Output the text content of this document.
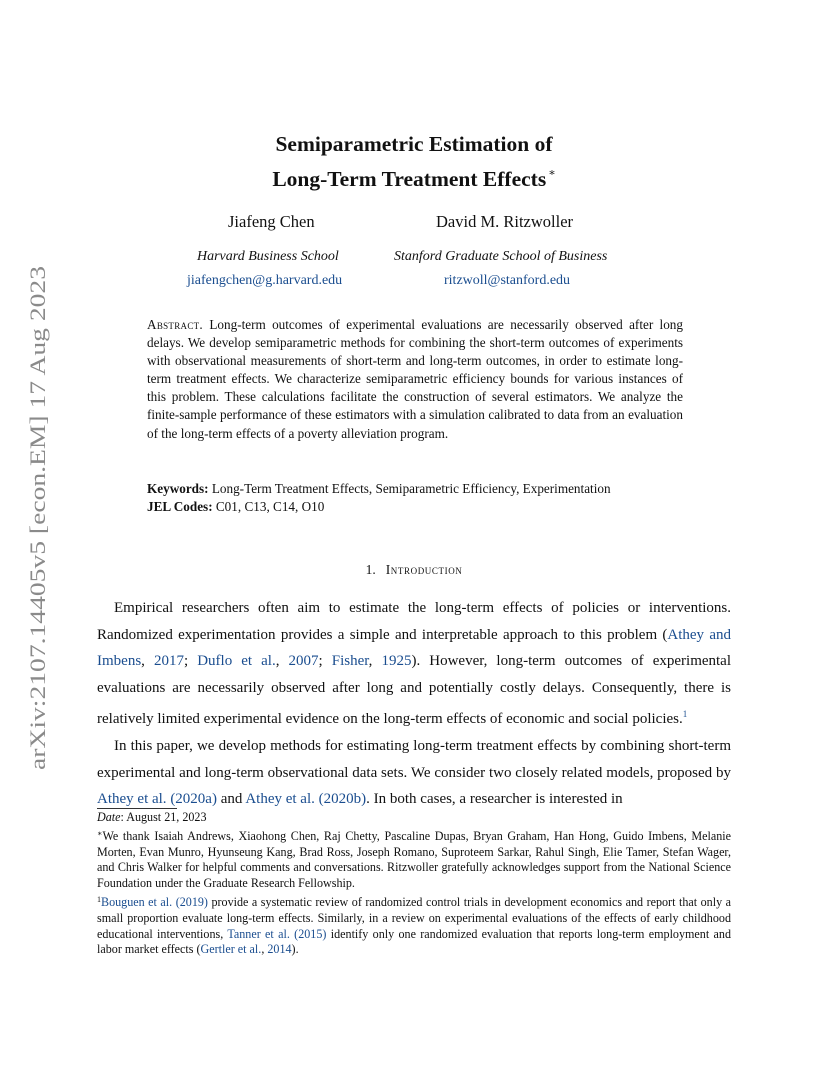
arXiv:2107.14405v5 [econ.EM] 17 Aug 2023
Semiparametric Estimation of
Long-Term Treatment Effects ∗
Jiafeng Chen	David M. Ritzwoller
Harvard Business School	Stanford Graduate School of Business
jiafengchen@g.harvard.edu	ritzwoll@stanford.edu
Abstract. Long-term outcomes of experimental evaluations are necessarily observed after long delays. We develop semiparametric methods for combining the short-term outcomes of experiments with observational measurements of short-term and long-term outcomes, in order to estimate long-term treatment effects. We characterize semiparametric efficiency bounds for various instances of this problem. These calculations facilitate the construction of several estimators. We analyze the finite-sample performance of these estimators with a simulation calibrated to data from an evaluation of the long-term effects of a poverty alleviation program.
Keywords: Long-Term Treatment Effects, Semiparametric Efficiency, Experimentation
JEL Codes: C01, C13, C14, O10
1. Introduction

Empirical researchers often aim to estimate the long-term effects of policies or interventions. Randomized experimentation provides a simple and interpretable approach to this problem (Athey and Imbens, 2017; Duflo et al., 2007; Fisher, 1925). However, long-term outcomes of experimental evaluations are necessarily observed after long and potentially costly delays. Consequently, there is relatively limited experimental evidence on the long-term effects of economic and social policies.$^1$

In this paper, we develop methods for estimating long-term treatment effects by combining short-term experimental and long-term observational data sets. We consider two closely related models, proposed by Athey et al. (2020a) and Athey et al. (2020b). In both cases, a researcher is interested in

Date: August 21, 2023

∗We thank Isaiah Andrews, Xiaohong Chen, Raj Chetty, Pascaline Dupas, Bryan Graham, Han Hong, Guido Imbens, Melanie Morten, Evan Munro, Hyunseung Kang, Brad Ross, Joseph Romano, Suproteem Sarkar, Rahul Singh, Elie Tamer, Stefan Wager, and Chris Walker for helpful comments and conversations. Ritzwoller gratefully acknowledges support from the National Science Foundation under the Graduate Research Fellowship.

$^1$Bouguen et al. (2019) provide a systematic review of randomized control trials in development economics and report that only a small proportion evaluate long-term effects. Similarly, in a review on experimental evaluations of the effects of early childhood educational interventions, Tanner et al. (2015) identify only one randomized evaluation that reports long-term employment and labor market effects (Gertler et al., 2014).
